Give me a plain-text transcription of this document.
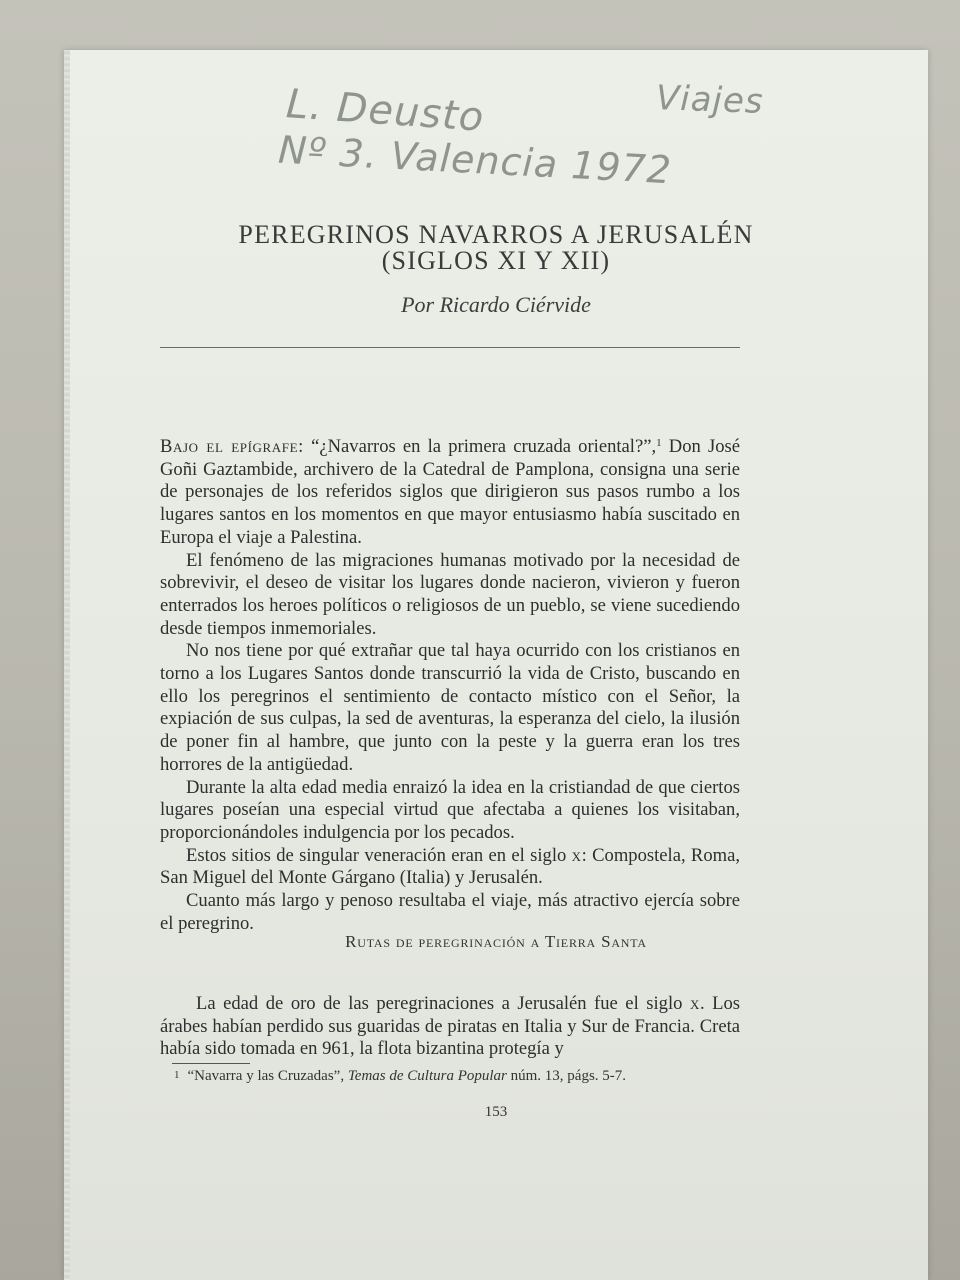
L. Deusto
Nº 3. Valencia 1972
Viajes
PEREGRINOS NAVARROS A JERUSALÉN
(SIGLOS XI Y XII)
Por Ricardo Ciérvide

Bajo el epígrafe: “¿Navarros en la primera cruzada oriental?”,$^1$ Don José Goñi Gaztambide, archivero de la Catedral de Pamplona, consigna una serie de personajes de los referidos siglos que dirigieron sus pasos rumbo a los lugares santos en los momentos en que mayor entusiasmo había suscitado en Europa el viaje a Palestina.

El fenómeno de las migraciones humanas motivado por la necesidad de sobrevivir, el deseo de visitar los lugares donde nacieron, vivieron y fueron enterrados los heroes políticos o religiosos de un pueblo, se viene sucediendo desde tiempos inmemoriales.

No nos tiene por qué extrañar que tal haya ocurrido con los cristianos en torno a los Lugares Santos donde transcurrió la vida de Cristo, buscando en ello los peregrinos el sentimiento de contacto místico con el Señor, la expiación de sus culpas, la sed de aventuras, la esperanza del cielo, la ilusión de poner fin al hambre, que junto con la peste y la guerra eran los tres horrores de la antigüedad.

Durante la alta edad media enraizó la idea en la cristiandad de que ciertos lugares poseían una especial virtud que afectaba a quienes los visitaban, proporcionándoles indulgencia por los pecados.

Estos sitios de singular veneración eran en el siglo x: Compostela, Roma, San Miguel del Monte Gárgano (Italia) y Jerusalén.

Cuanto más largo y penoso resultaba el viaje, más atractivo ejercía sobre el peregrino.

Rutas de peregrinación a Tierra Santa

La edad de oro de las peregrinaciones a Jerusalén fue el siglo x. Los árabes habían perdido sus guaridas de piratas en Italia y Sur de Francia. Creta había sido tomada en 961, la flota bizantina protegía y

1 “Navarra y las Cruzadas”, Temas de Cultura Popular núm. 13, págs. 5-7.
153
